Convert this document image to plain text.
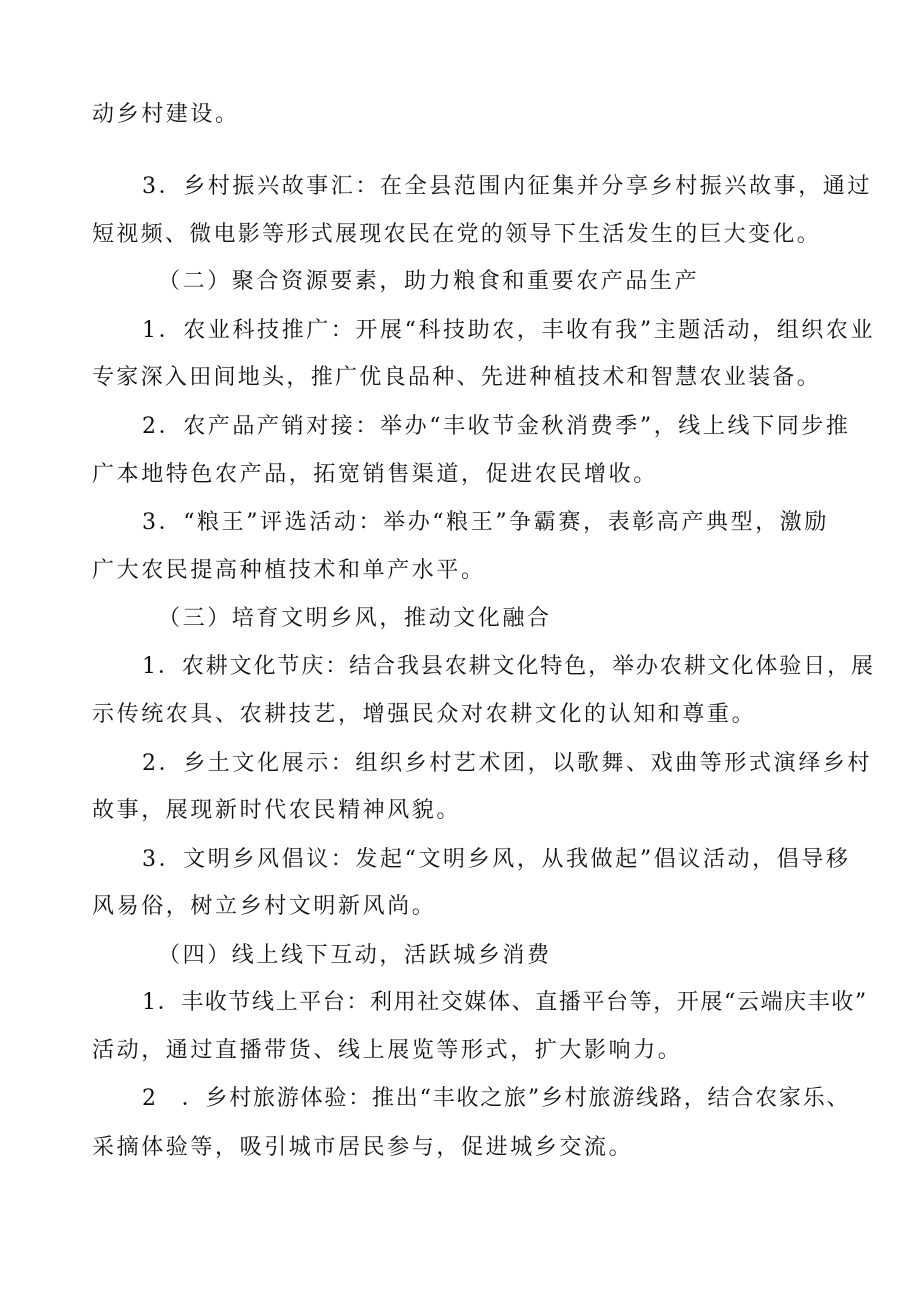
动乡村建设。
3．乡村振兴故事汇：在全县范围内征集并分享乡村振兴故事，通过
短视频、微电影等形式展现农民在党的领导下生活发生的巨大变化。
（二）聚合资源要素，助力粮食和重要农产品生产
1．农业科技推广：开展“科技助农，丰收有我”主题活动，组织农业
专家深入田间地头，推广优良品种、先进种植技术和智慧农业装备。
2．农产品产销对接：举办“丰收节金秋消费季”，线上线下同步推
广本地特色农产品，拓宽销售渠道，促进农民增收。
3．“粮王”评选活动：举办“粮王”争霸赛，表彰高产典型，激励
广大农民提高种植技术和单产水平。
（三）培育文明乡风，推动文化融合
1．农耕文化节庆：结合我县农耕文化特色，举办农耕文化体验日，展
示传统农具、农耕技艺，增强民众对农耕文化的认知和尊重。
2．乡土文化展示：组织乡村艺术团，以歌舞、戏曲等形式演绎乡村
故事，展现新时代农民精神风貌。
3．文明乡风倡议：发起“文明乡风，从我做起”倡议活动，倡导移
风易俗，树立乡村文明新风尚。
（四）线上线下互动，活跃城乡消费
1．丰收节线上平台：利用社交媒体、直播平台等，开展“云端庆丰收”
活动，通过直播带货、线上展览等形式，扩大影响力。
2　．乡村旅游体验：推出“丰收之旅”乡村旅游线路，结合农家乐、
采摘体验等，吸引城市居民参与，促进城乡交流。
